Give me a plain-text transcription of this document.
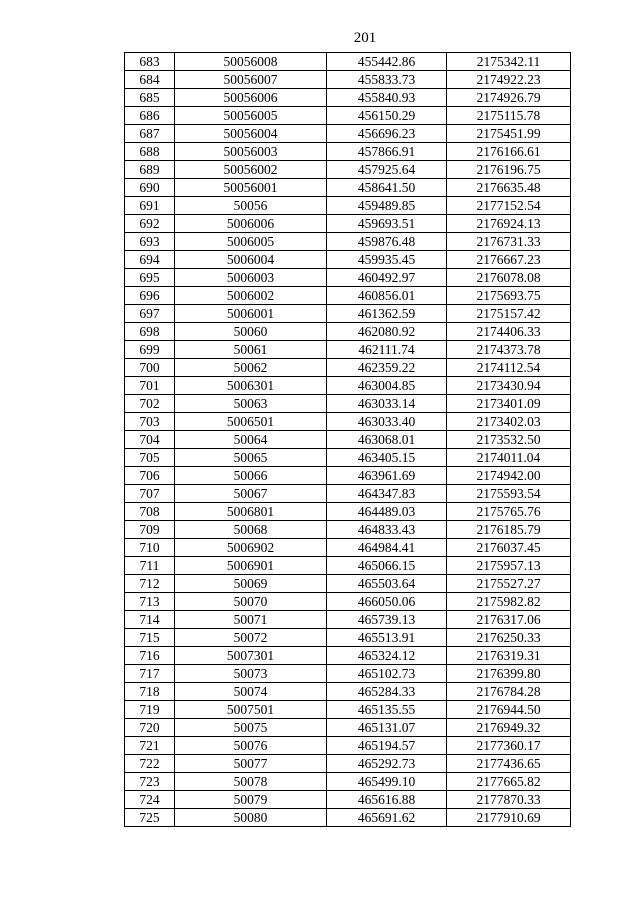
201
683	50056008	455442.86	2175342.11
684	50056007	455833.73	2174922.23
685	50056006	455840.93	2174926.79
686	50056005	456150.29	2175115.78
687	50056004	456696.23	2175451.99
688	50056003	457866.91	2176166.61
689	50056002	457925.64	2176196.75
690	50056001	458641.50	2176635.48
691	50056	459489.85	2177152.54
692	5006006	459693.51	2176924.13
693	5006005	459876.48	2176731.33
694	5006004	459935.45	2176667.23
695	5006003	460492.97	2176078.08
696	5006002	460856.01	2175693.75
697	5006001	461362.59	2175157.42
698	50060	462080.92	2174406.33
699	50061	462111.74	2174373.78
700	50062	462359.22	2174112.54
701	5006301	463004.85	2173430.94
702	50063	463033.14	2173401.09
703	5006501	463033.40	2173402.03
704	50064	463068.01	2173532.50
705	50065	463405.15	2174011.04
706	50066	463961.69	2174942.00
707	50067	464347.83	2175593.54
708	5006801	464489.03	2175765.76
709	50068	464833.43	2176185.79
710	5006902	464984.41	2176037.45
711	5006901	465066.15	2175957.13
712	50069	465503.64	2175527.27
713	50070	466050.06	2175982.82
714	50071	465739.13	2176317.06
715	50072	465513.91	2176250.33
716	5007301	465324.12	2176319.31
717	50073	465102.73	2176399.80
718	50074	465284.33	2176784.28
719	5007501	465135.55	2176944.50
720	50075	465131.07	2176949.32
721	50076	465194.57	2177360.17
722	50077	465292.73	2177436.65
723	50078	465499.10	2177665.82
724	50079	465616.88	2177870.33
725	50080	465691.62	2177910.69
